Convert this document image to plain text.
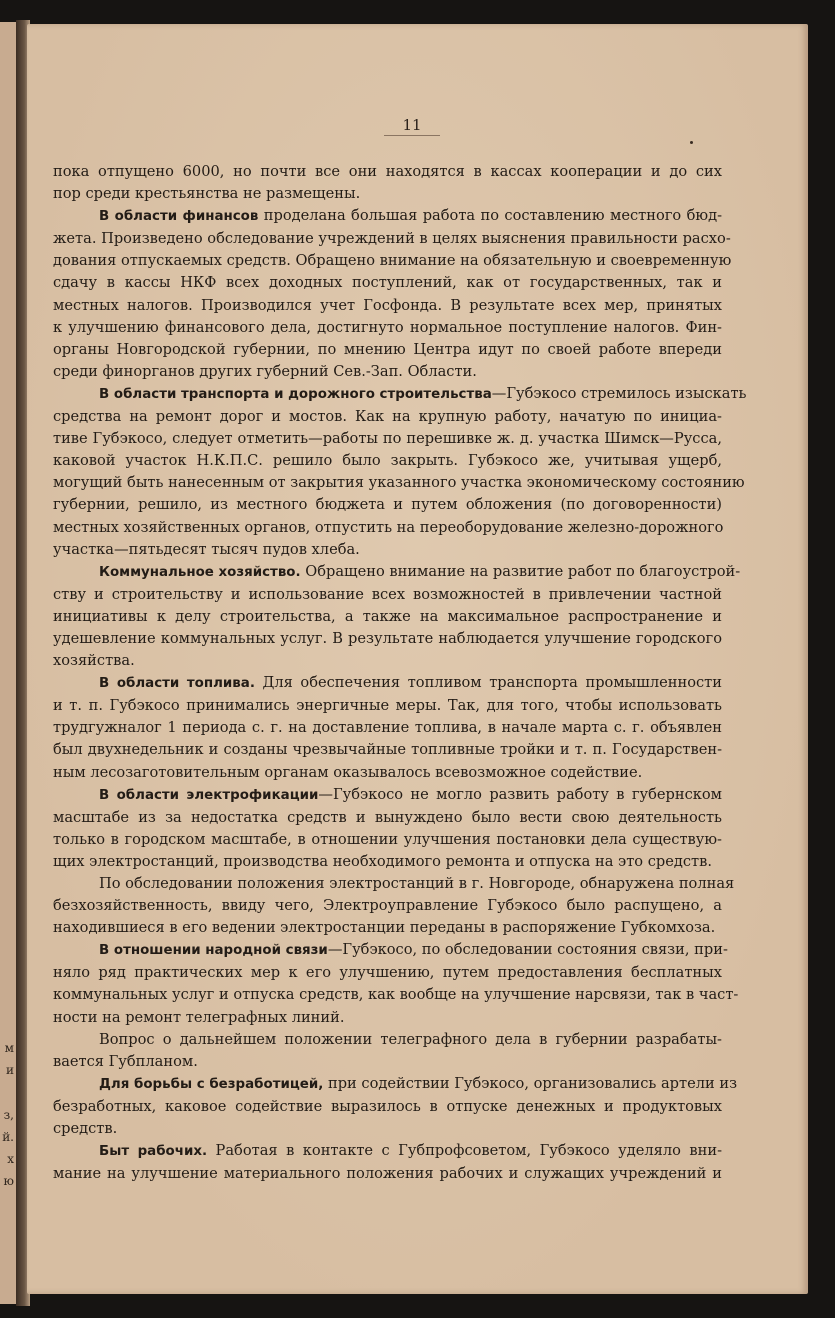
м
и

з,
й.
х
ю
11
пока отпущено 6000, но почти все они находятся в кассах кооперации и до сих
пор среди крестьянства не размещены.
В области финансов проделана большая работа по составлению местного бюд-
жета. Произведено обследование учреждений в целях выяснения правильности расхо-
дования отпускаемых средств. Обращено внимание на обязательную и своевременную
сдачу в кассы НКФ всех доходных поступлений, как от государственных, так и
местных налогов. Производился учет Госфонда. В результате всех мер, принятых
к улучшению финансового дела, достигнуто нормальное поступление налогов. Фин-
органы Новгородской губернии, по мнению Центра идут по своей работе впереди
среди финорганов других губерний Сев.-Зап. Области.
В области транспорта и дорожного строительства—Губэкосо стремилось изыскать
средства на ремонт дорог и мостов. Как на крупную работу, начатую по инициа-
тиве Губэкосо, следует отметить—работы по перешивке ж. д. участка Шимск—Русса,
каковой участок Н.К.П.С. решило было закрыть. Губэкосо же, учитывая ущерб,
могущий быть нанесенным от закрытия указанного участка экономическому состоянию
губернии, решило, из местного бюджета и путем обложения (по договоренности)
местных хозяйственных органов, отпустить на переоборудование железно-дорожного
участка—пятьдесят тысяч пудов хлеба.
Коммунальное хозяйство. Обращено внимание на развитие работ по благоустрой-
ству и строительству и использование всех возможностей в привлечении частной
инициативы к делу строительства, а также на максимальное распространение и
удешевление коммунальных услуг. В результате наблюдается улучшение городского
хозяйства.
В области топлива. Для обеспечения топливом транспорта промышленности
и т. п. Губэкосо принимались энергичные меры. Так, для того, чтобы использовать
трудгужналог 1 периода с. г. на доставление топлива, в начале марта с. г. объявлен
был двухнедельник и созданы чрезвычайные топливные тройки и т. п. Государствен-
ным лесозаготовительным органам оказывалось всевозможное содействие.
В области электрофикации—Губэкосо не могло развить работу в губернском
масштабе из за недостатка средств и вынуждено было вести свою деятельность
только в городском масштабе, в отношении улучшения постановки дела существую-
щих электростанций, производства необходимого ремонта и отпуска на это средств.
По обследовании положения электростанций в г. Новгороде, обнаружена полная
безхозяйственность, ввиду чего, Электроуправление Губэкосо было распущено, а
находившиеся в его ведении электростанции переданы в распоряжение Губкомхоза.
В отношении народной связи—Губэкосо, по обследовании состояния связи, при-
няло ряд практических мер к его улучшению, путем предоставления бесплатных
коммунальных услуг и отпуска средств, как вообще на улучшение нарсвязи, так в част-
ности на ремонт телеграфных линий.
Вопрос о дальнейшем положении телеграфного дела в губернии разрабаты-
вается Губпланом.
Для борьбы с безработицей, при содействии Губэкосо, организовались артели из
безработных, каковое содействие выразилось в отпуске денежных и продуктовых
средств.
Быт рабочих. Работая в контакте с Губпрофсоветом, Губэкосо уделяло вни-
мание на улучшение материального положения рабочих и служащих учреждений и
